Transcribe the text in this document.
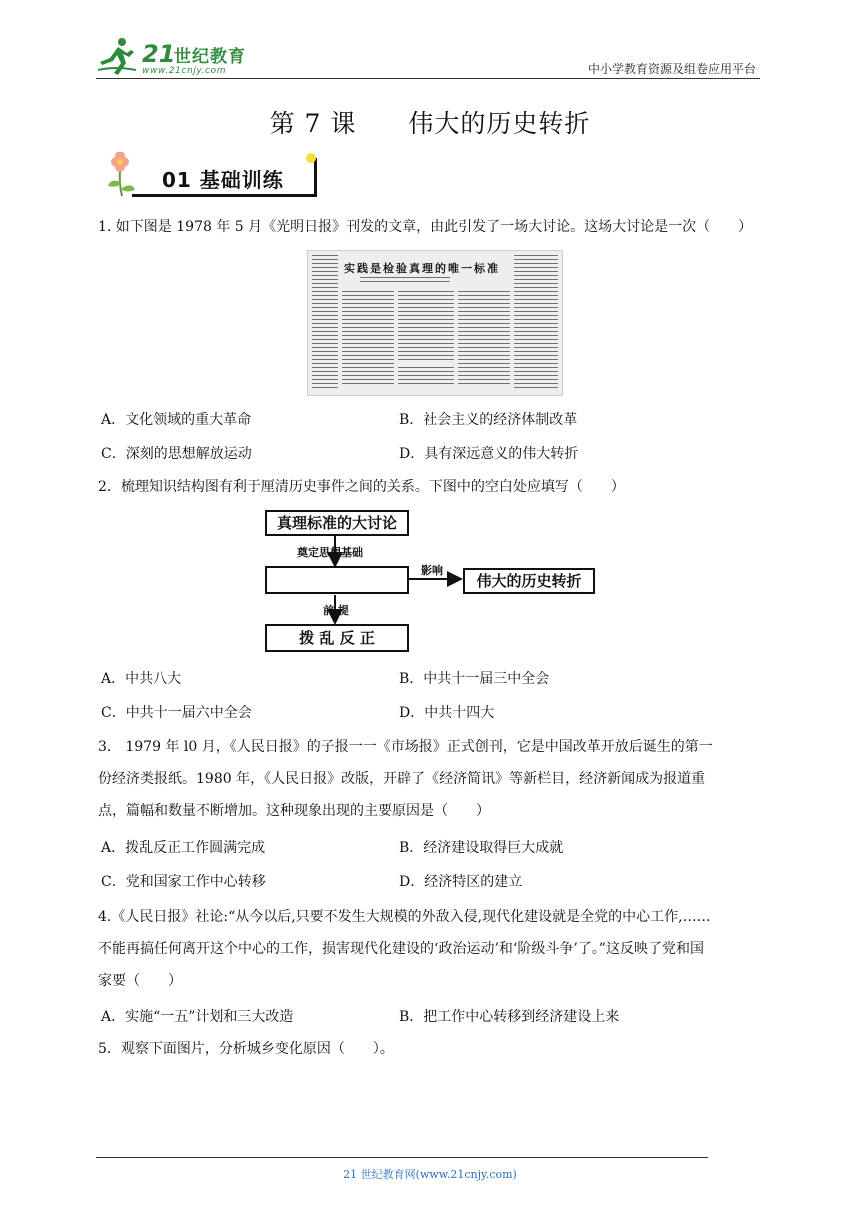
21
世纪教育
www.21cnjy.com	中小学教育资源及组卷应用平台
第 7 课　　伟大的历史转折
01 基础训练
1. 如下图是 1978 年 5 月《光明日报》刊发的文章，由此引发了一场大讨论。这场大讨论是一次（　　）
实践是检验真理的唯一标准
A．文化领域的重大革命	B．社会主义的经济体制改革
C．深刻的思想解放运动	D．具有深远意义的伟大转折
2．梳理知识结构图有利于厘清历史事件之间的关系。下图中的空白处应填写（　　）
真理标准的大讨论
奠定思想基础
影响
伟大的历史转折
前 提
拨 乱 反 正
A．中共八大	B．中共十一届三中全会
C．中共十一届六中全会	D．中共十四大
3． 1979 年 l0 月，《人民日报》的子报一一《市场报》正式创刊，它是中国改革开放后诞生的第一
份经济类报纸。1980 年，《人民日报》改版，开辟了《经济简讯》等新栏目，经济新闻成为报道重
点，篇幅和数量不断增加。这种现象出现的主要原因是（　　）
A．拨乱反正工作圆满完成	B．经济建设取得巨大成就
C．党和国家工作中心转移	D．经济特区的建立
4.《人民日报》社论:“从今以后,只要不发生大规模的外敌入侵,现代化建设就是全党的中心工作,……
不能再搞任何离开这个中心的工作，损害现代化建设的‘政治运动’和‘阶级斗争’了。”这反映了党和国
家要（　　）
A．实施“一五”计划和三大改造	B．把工作中心转移到经济建设上来
5．观察下面图片，分析城乡变化原因（　　）。
21 世纪教育网(www.21cnjy.com)
